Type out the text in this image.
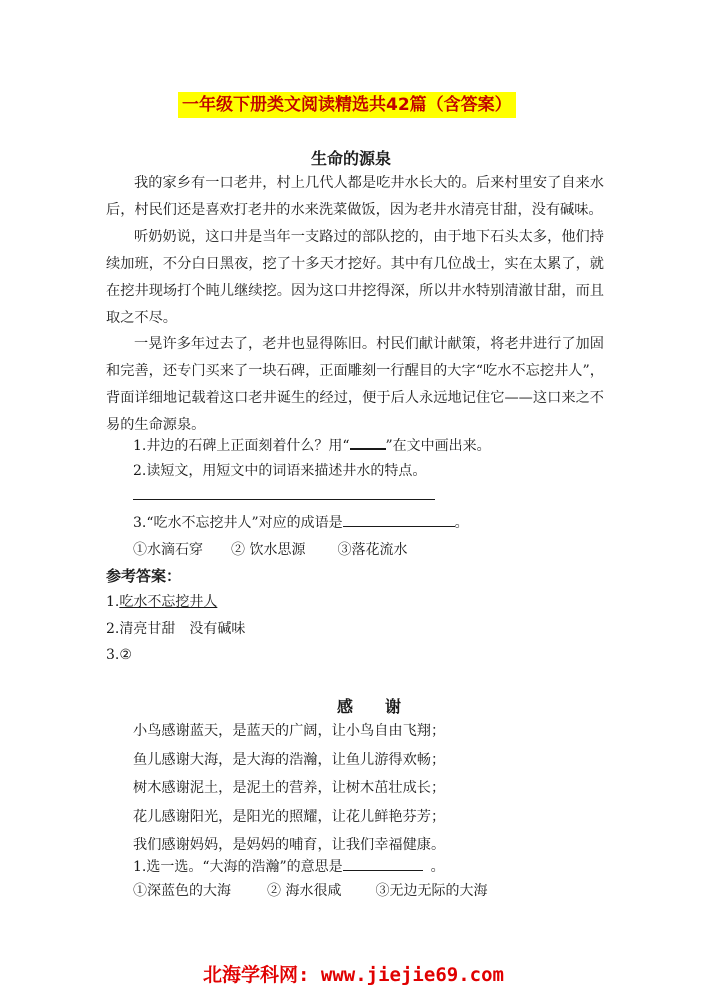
一年级下册类文阅读精选共42篇（含答案）
生命的源泉
我的家乡有一口老井，村上几代人都是吃井水长大的。后来村里安了自来水
后，村民们还是喜欢打老井的水来洗菜做饭，因为老井水清亮甘甜，没有碱味。
听奶奶说，这口井是当年一支路过的部队挖的，由于地下石头太多，他们持
续加班，不分白日黑夜，挖了十多天才挖好。其中有几位战士，实在太累了，就
在挖井现场打个盹儿继续挖。因为这口井挖得深，所以井水特别清澈甘甜，而且
取之不尽。
一晃许多年过去了，老井也显得陈旧。村民们献计献策，将老井进行了加固
和完善，还专门买来了一块石碑，正面雕刻一行醒目的大字“吃水不忘挖井人”，
背面详细地记载着这口老井诞生的经过，便于后人永远地记住它——这口来之不
易的生命源泉。
1.井边的石碑上正面刻着什么？用“	”在文中画出来。
2.读短文，用短文中的词语来描述井水的特点。
3.“吃水不忘挖井人”对应的成语是	。
①水滴石穿 ② 饮水思源 ③落花流水
参考答案：
1.吃水不忘挖井人
2.清亮甘甜　没有碱味
3.②
感　　谢
小鸟感谢蓝天，是蓝天的广阔，让小鸟自由飞翔；
鱼儿感谢大海，是大海的浩瀚，让鱼儿游得欢畅；
树木感谢泥土，是泥土的营养，让树木茁壮成长；
花儿感谢阳光，是阳光的照耀，让花儿鲜艳芬芳；
我们感谢妈妈，是妈妈的哺育，让我们幸福健康。
1.选一选。“大海的浩瀚”的意思是	。
①深蓝色的大海	② 海水很咸 ③无边无际的大海
北海学科网: www.jiejie69.com
